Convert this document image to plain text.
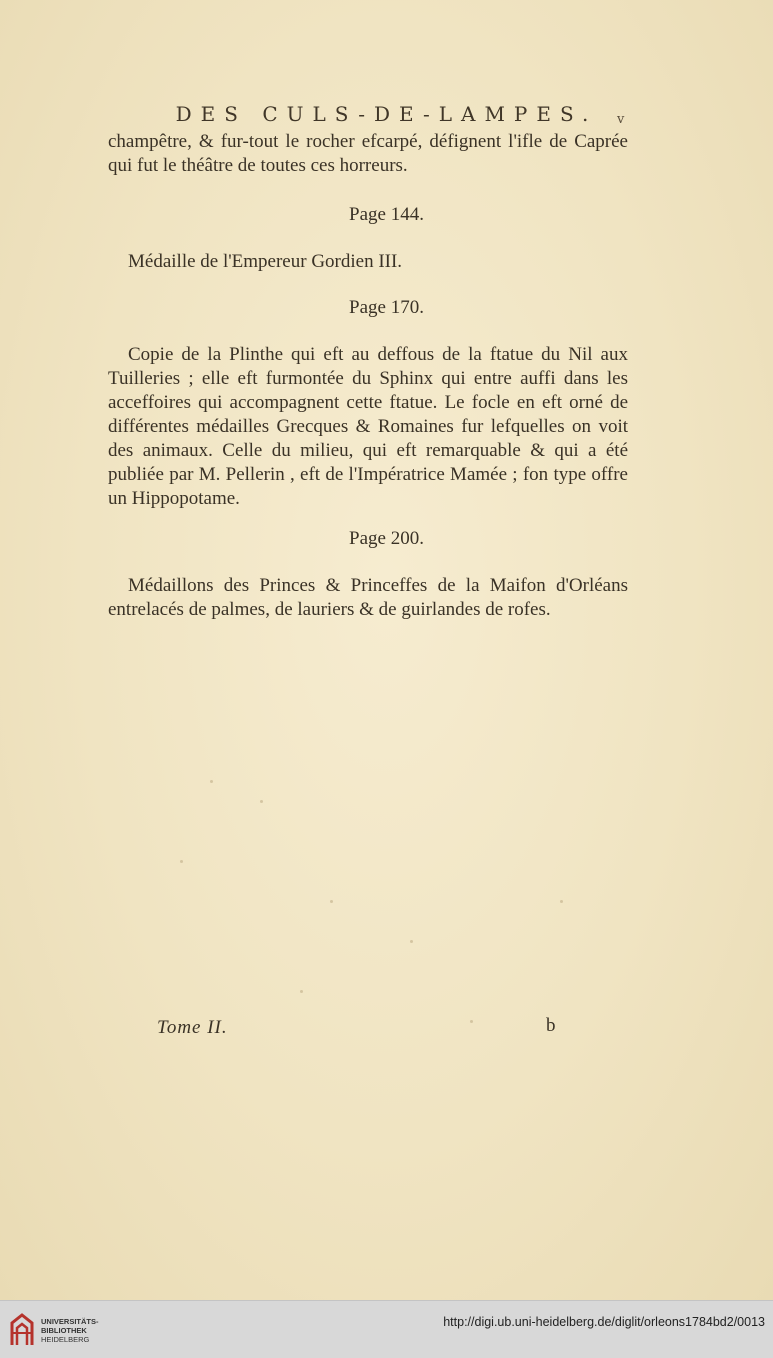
DES CULS-DE-LAMPES.	v
champêtre, & fur-tout le rocher efcarpé, défignent l'ifle de Caprée qui fut le théâtre de toutes ces horreurs.
Page 144.
Médaille de l'Empereur Gordien III.
Page 170.
Copie de la Plinthe qui eft au deffous de la ftatue du Nil aux Tuilleries ; elle eft furmontée du Sphinx qui entre auffi dans les acceffoires qui accompagnent cette ftatue. Le focle en eft orné de différentes médailles Grecques & Romaines fur lefquelles on voit des animaux. Celle du milieu, qui eft remarquable & qui a été publiée par M. Pellerin , eft de l'Impératrice Mamée ; fon type offre un Hippopotame.
Page 200.
Médaillons des Princes & Princeffes de la Maifon d'Orléans entrelacés de palmes, de lauriers & de guirlandes de rofes.
Tome II.	b
UNIVERSITÄTS-
BIBLIOTHEK
HEIDELBERG
http://digi.ub.uni-heidelberg.de/diglit/orleons1784bd2/0013
